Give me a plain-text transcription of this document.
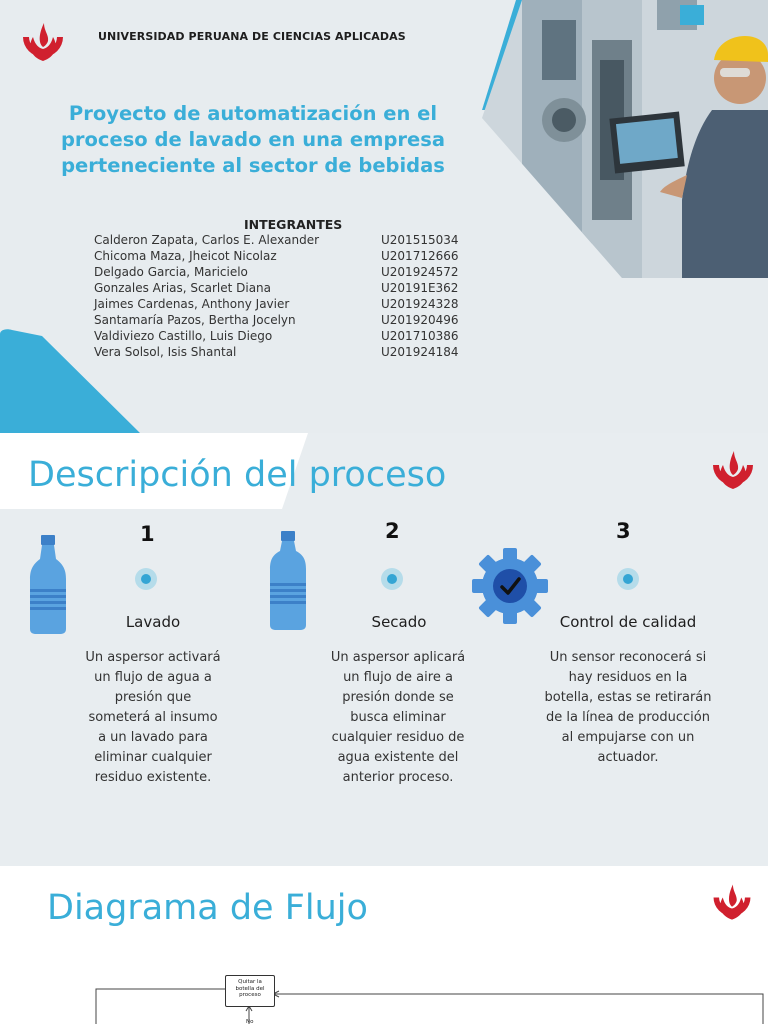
UNIVERSIDAD PERUANA DE CIENCIAS APLICADAS
Proyecto de automatización en el
proceso de lavado en una empresa
perteneciente al sector de bebidas
INTEGRANTES
Calderon Zapata, Carlos E. Alexander	U201515034
Chicoma Maza, Jheicot Nicolaz	U201712666
Delgado Garcia, Maricielo	U201924572
Gonzales Arias, Scarlet Diana	U20191E362
Jaimes Cardenas, Anthony Javier	U201924328
Santamaría Pazos, Bertha Jocelyn	U201920496
Valdiviezo Castillo, Luis Diego	U201710386
Vera Solsol, Isis Shantal	U201924184
Descripción del proceso
1
Lavado
Un aspersor activará
un flujo de agua a
presión que
someterá al insumo
a un lavado para
eliminar cualquier
residuo existente.
2
Secado
Un aspersor aplicará
un flujo de aire a
presión donde se
busca eliminar
cualquier residuo de
agua existente del
anterior proceso.
3
Control de calidad
Un sensor reconocerá si
hay residuos en la
botella, estas se retirarán
de la línea de producción
al empujarse con un
actuador.
Diagrama de Flujo
Quitar la
botella del
proceso
No
